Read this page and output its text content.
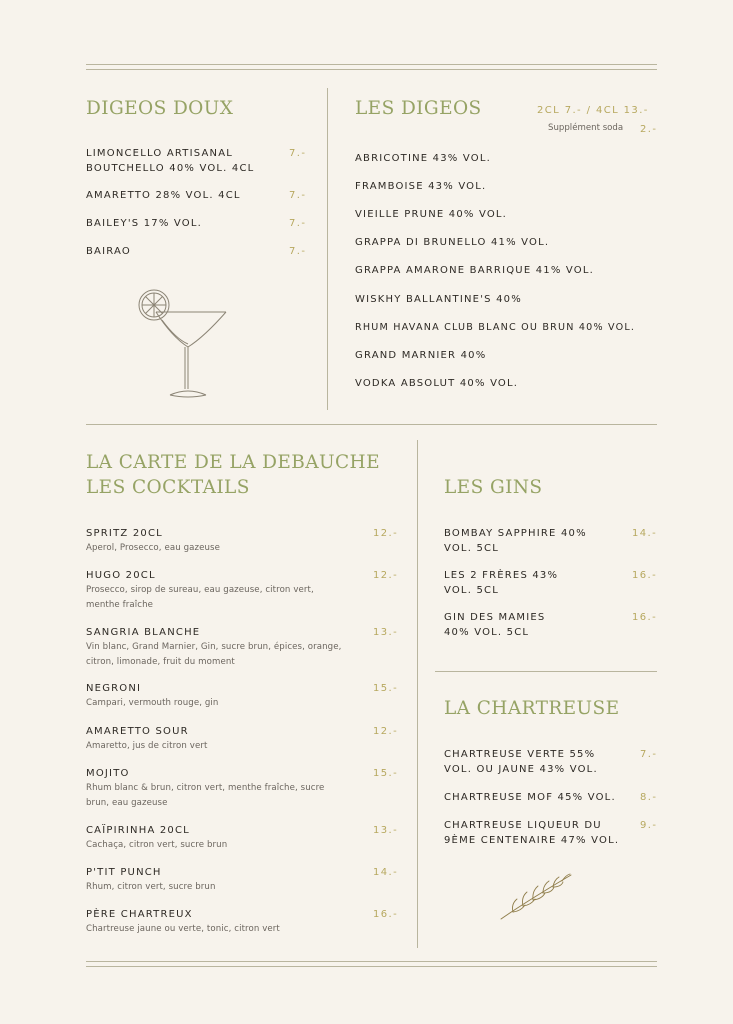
DIGEOS DOUX
LIMONCELLO ARTISANAL BOUTCHELLO 40% VOL. 4CL
7.-
AMARETTO 28% VOL. 4CL	7.-
BAILEY'S 17% VOL.	7.-
BAIRAO	7.-
LES DIGEOS	2CL 7.- / 4CL 13.-
Supplément soda 2.-
ABRICOTINE 43% VOL.
FRAMBOISE 43% VOL.
VIEILLE PRUNE 40% VOL.
GRAPPA DI BRUNELLO 41% VOL.
GRAPPA AMARONE BARRIQUE 41% VOL.
WISKHY BALLANTINE'S 40%
RHUM HAVANA CLUB BLANC OU BRUN 40% VOL.
GRAND MARNIER 40%
VODKA ABSOLUT 40% VOL.
LA CARTE DE LA DEBAUCHE
LES COCKTAILS
SPRITZ 20CL
Aperol, Prosecco, eau gazeuse
12.-
HUGO 20CL
Prosecco, sirop de sureau, eau gazeuse, citron vert, menthe fraîche
12.-
SANGRIA BLANCHE
Vin blanc, Grand Marnier, Gin, sucre brun, épices, orange, citron, limonade, fruit du moment
13.-
NEGRONI
Campari, vermouth rouge, gin
15.-
AMARETTO SOUR
Amaretto, jus de citron vert
12.-
MOJITO
Rhum blanc & brun, citron vert, menthe fraîche, sucre brun, eau gazeuse
15.-
CAÏPIRINHA 20CL
Cachaça, citron vert, sucre brun
13.-
P'TIT PUNCH
Rhum, citron vert, sucre brun
14.-
PÈRE CHARTREUX
Chartreuse jaune ou verte, tonic, citron vert
16.-
LES GINS
BOMBAY SAPPHIRE 40% VOL. 5CL
14.-
LES 2 FRÈRES 43% VOL. 5CL
16.-
GIN DES MAMIES 40% VOL. 5CL
16.-
LA CHARTREUSE
CHARTREUSE VERTE 55% VOL. OU JAUNE 43% VOL.
7.-
CHARTREUSE MOF 45% VOL.	8.-
CHARTREUSE LIQUEUR DU 9ÈME CENTENAIRE 47% VOL.
9.-
